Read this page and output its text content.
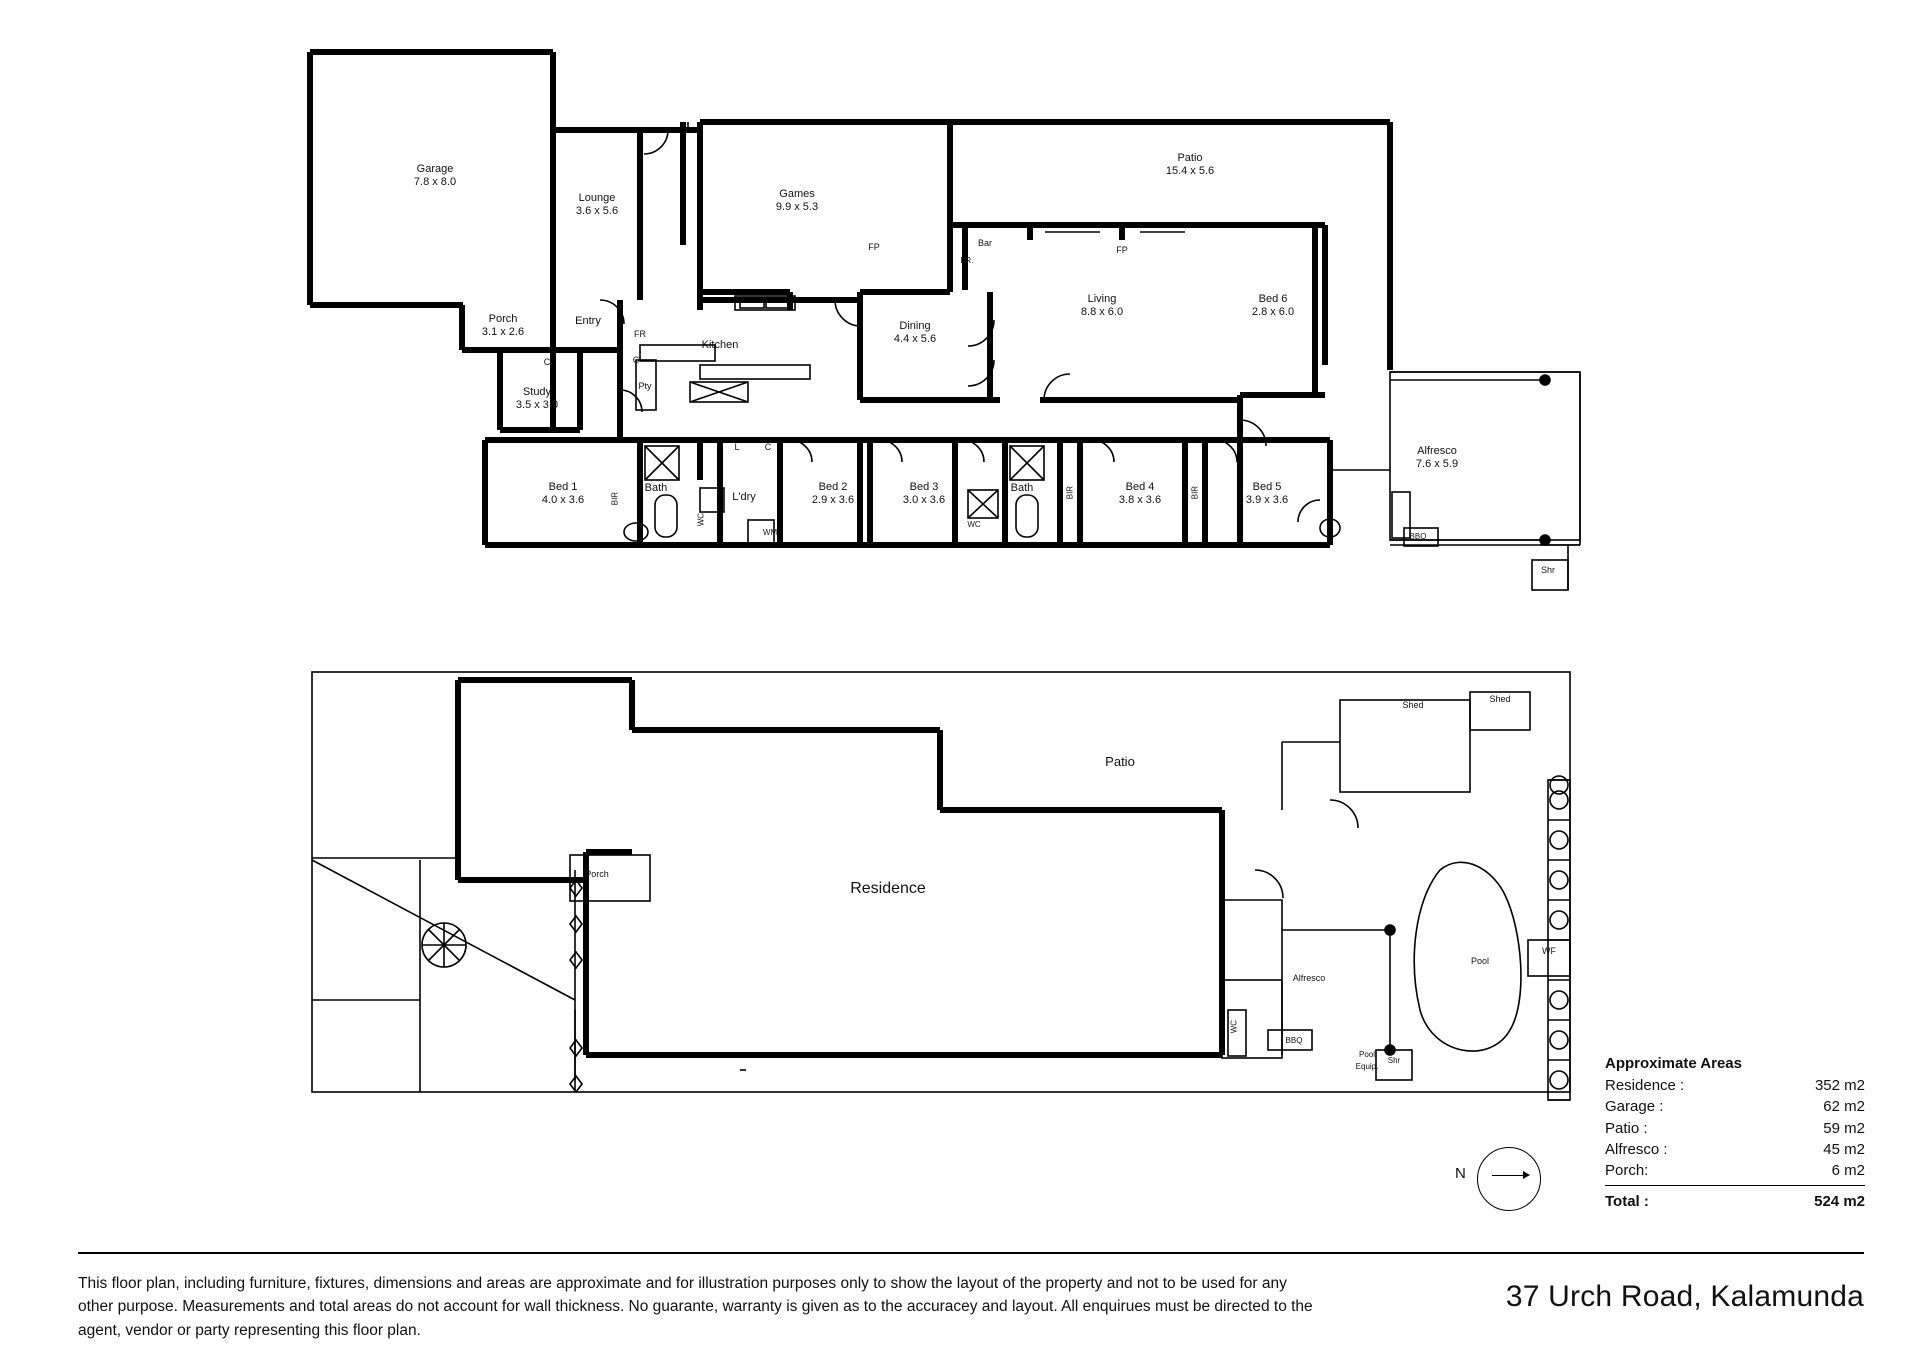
Garage
7.8 x 8.0
Lounge
3.6 x 5.6
Games
9.9 x 5.3
Patio
15.4 x 5.6
Porch
3.1 x 2.6
Entry
Kitchen
Dining
4.4 x 5.6
Living
8.8 x 6.0
Bed 6
2.8 x 6.0
Study
3.5 x 3.0
Alfresco
7.6 x 5.9
Bed 1
4.0 x 3.6
Bath
L'dry
Bed 2
2.9 x 3.6
Bed 3
3.0 x 3.6
Bath	Bed 4
3.8 x 3.6
Bed 5
3.9 x 3.6
FP	FP
Bar
FR.
FR
C
C
Pty
L	C
BIR	BIR	BIR
WC
WM
WC
BBQ
Shr
Residence
Patio
Porch
Shed
Shed
Pool
WF
Alfresco
BBQ
Pool
Equip.
Shr
WC
N
Approximate Areas
Residence :	352 m2
Garage :	62 m2
Patio :	59 m2
Alfresco :	45 m2
Porch:	6 m2
Total :	524 m2
This floor plan, including furniture, fixtures, dimensions and areas are approximate and for illustration purposes only to show the layout of the property and not to be used for any other purpose. Measurements and total areas do not account for wall thickness. No guarante, warranty is given as to the accuracey and layout. All enquirues must be directed to the agent, vendor or party representing this floor plan.
37 Urch Road, Kalamunda
